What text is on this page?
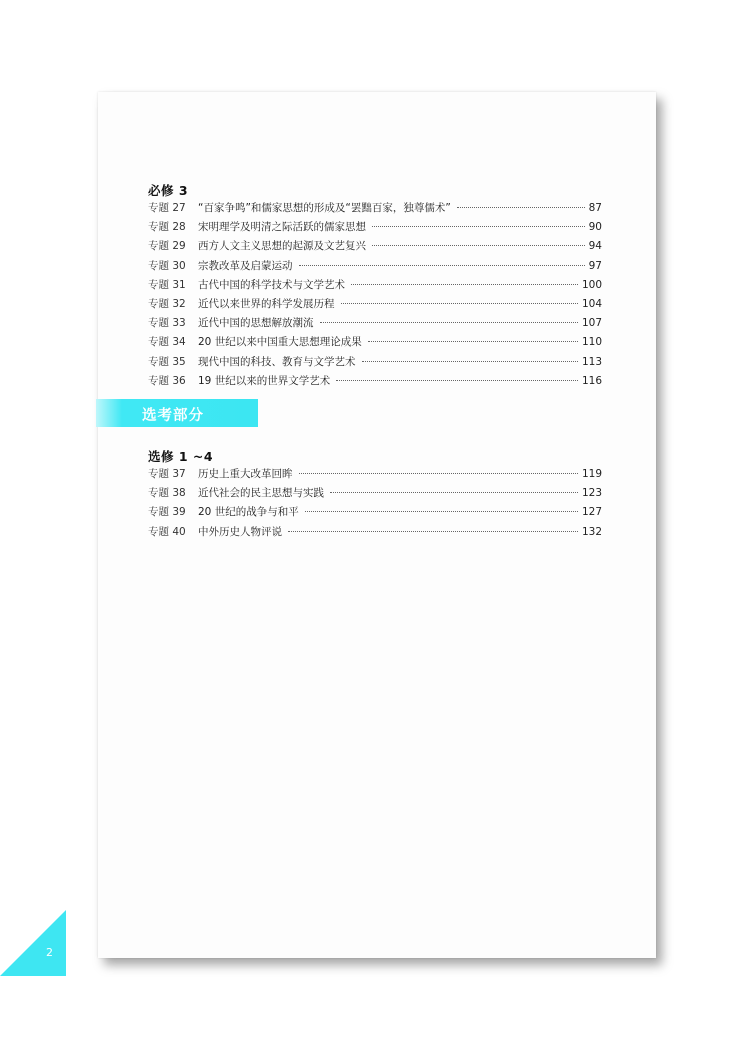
必修 3
专题 27	“百家争鸣”和儒家思想的形成及“罢黜百家，独尊儒术”	87
专题 28	宋明理学及明清之际活跃的儒家思想	90
专题 29	西方人文主义思想的起源及文艺复兴	94
专题 30	宗教改革及启蒙运动	97
专题 31	古代中国的科学技术与文学艺术	100
专题 32	近代以来世界的科学发展历程	104
专题 33	近代中国的思想解放潮流	107
专题 34	20 世纪以来中国重大思想理论成果	110
专题 35	现代中国的科技、教育与文学艺术	113
专题 36	19 世纪以来的世界文学艺术	116
选考部分
选修 1 ~4
专题 37	历史上重大改革回眸	119
专题 38	近代社会的民主思想与实践	123
专题 39	20 世纪的战争与和平	127
专题 40	中外历史人物评说	132
2
